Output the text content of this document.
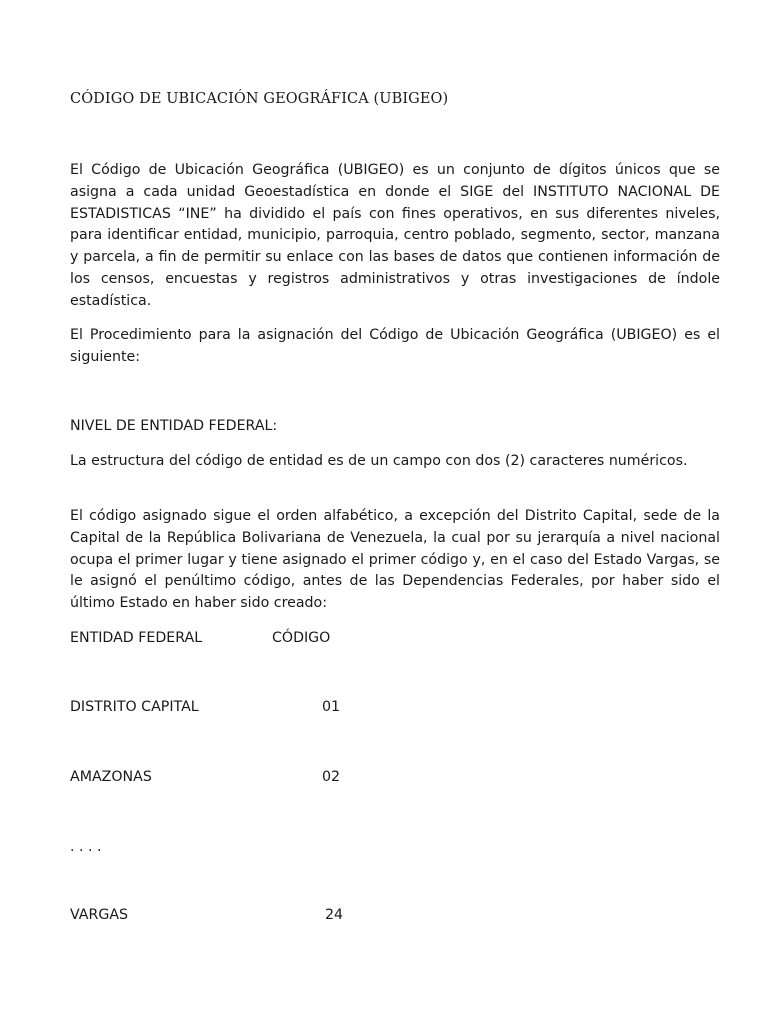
CÓDIGO DE UBICACIÓN GEOGRÁFICA (UBIGEO)

El Código de Ubicación Geográfica (UBIGEO) es un conjunto de dígitos únicos que se asigna a cada unidad Geoestadística en donde el SIGE del INSTITUTO NACIONAL DE ESTADISTICAS “INE” ha dividido el país con fines operativos, en sus diferentes niveles, para identificar entidad, municipio, parroquia, centro poblado, segmento, sector, manzana y parcela, a fin de permitir su enlace con las bases de datos que contienen información de los censos, encuestas y registros administrativos y otras investigaciones de índole estadística.

El Procedimiento para la asignación del Código de Ubicación Geográfica (UBIGEO) es el siguiente:

NIVEL DE ENTIDAD FEDERAL:

La estructura del código de entidad es de un campo con dos (2) caracteres numéricos.

El código asignado sigue el orden alfabético, a excepción del Distrito Capital, sede de la Capital de la República Bolivariana de Venezuela, la cual por su jerarquía a nivel nacional ocupa el primer lugar y tiene asignado el primer código y, en el caso del Estado Vargas, se le asignó el penúltimo código, antes de las Dependencias Federales, por haber sido el último Estado en haber sido creado:

ENTIDAD FEDERAL	CÓDIGO
DISTRITO CAPITAL	01
AMAZONAS	02
. . . .
VARGAS	24
